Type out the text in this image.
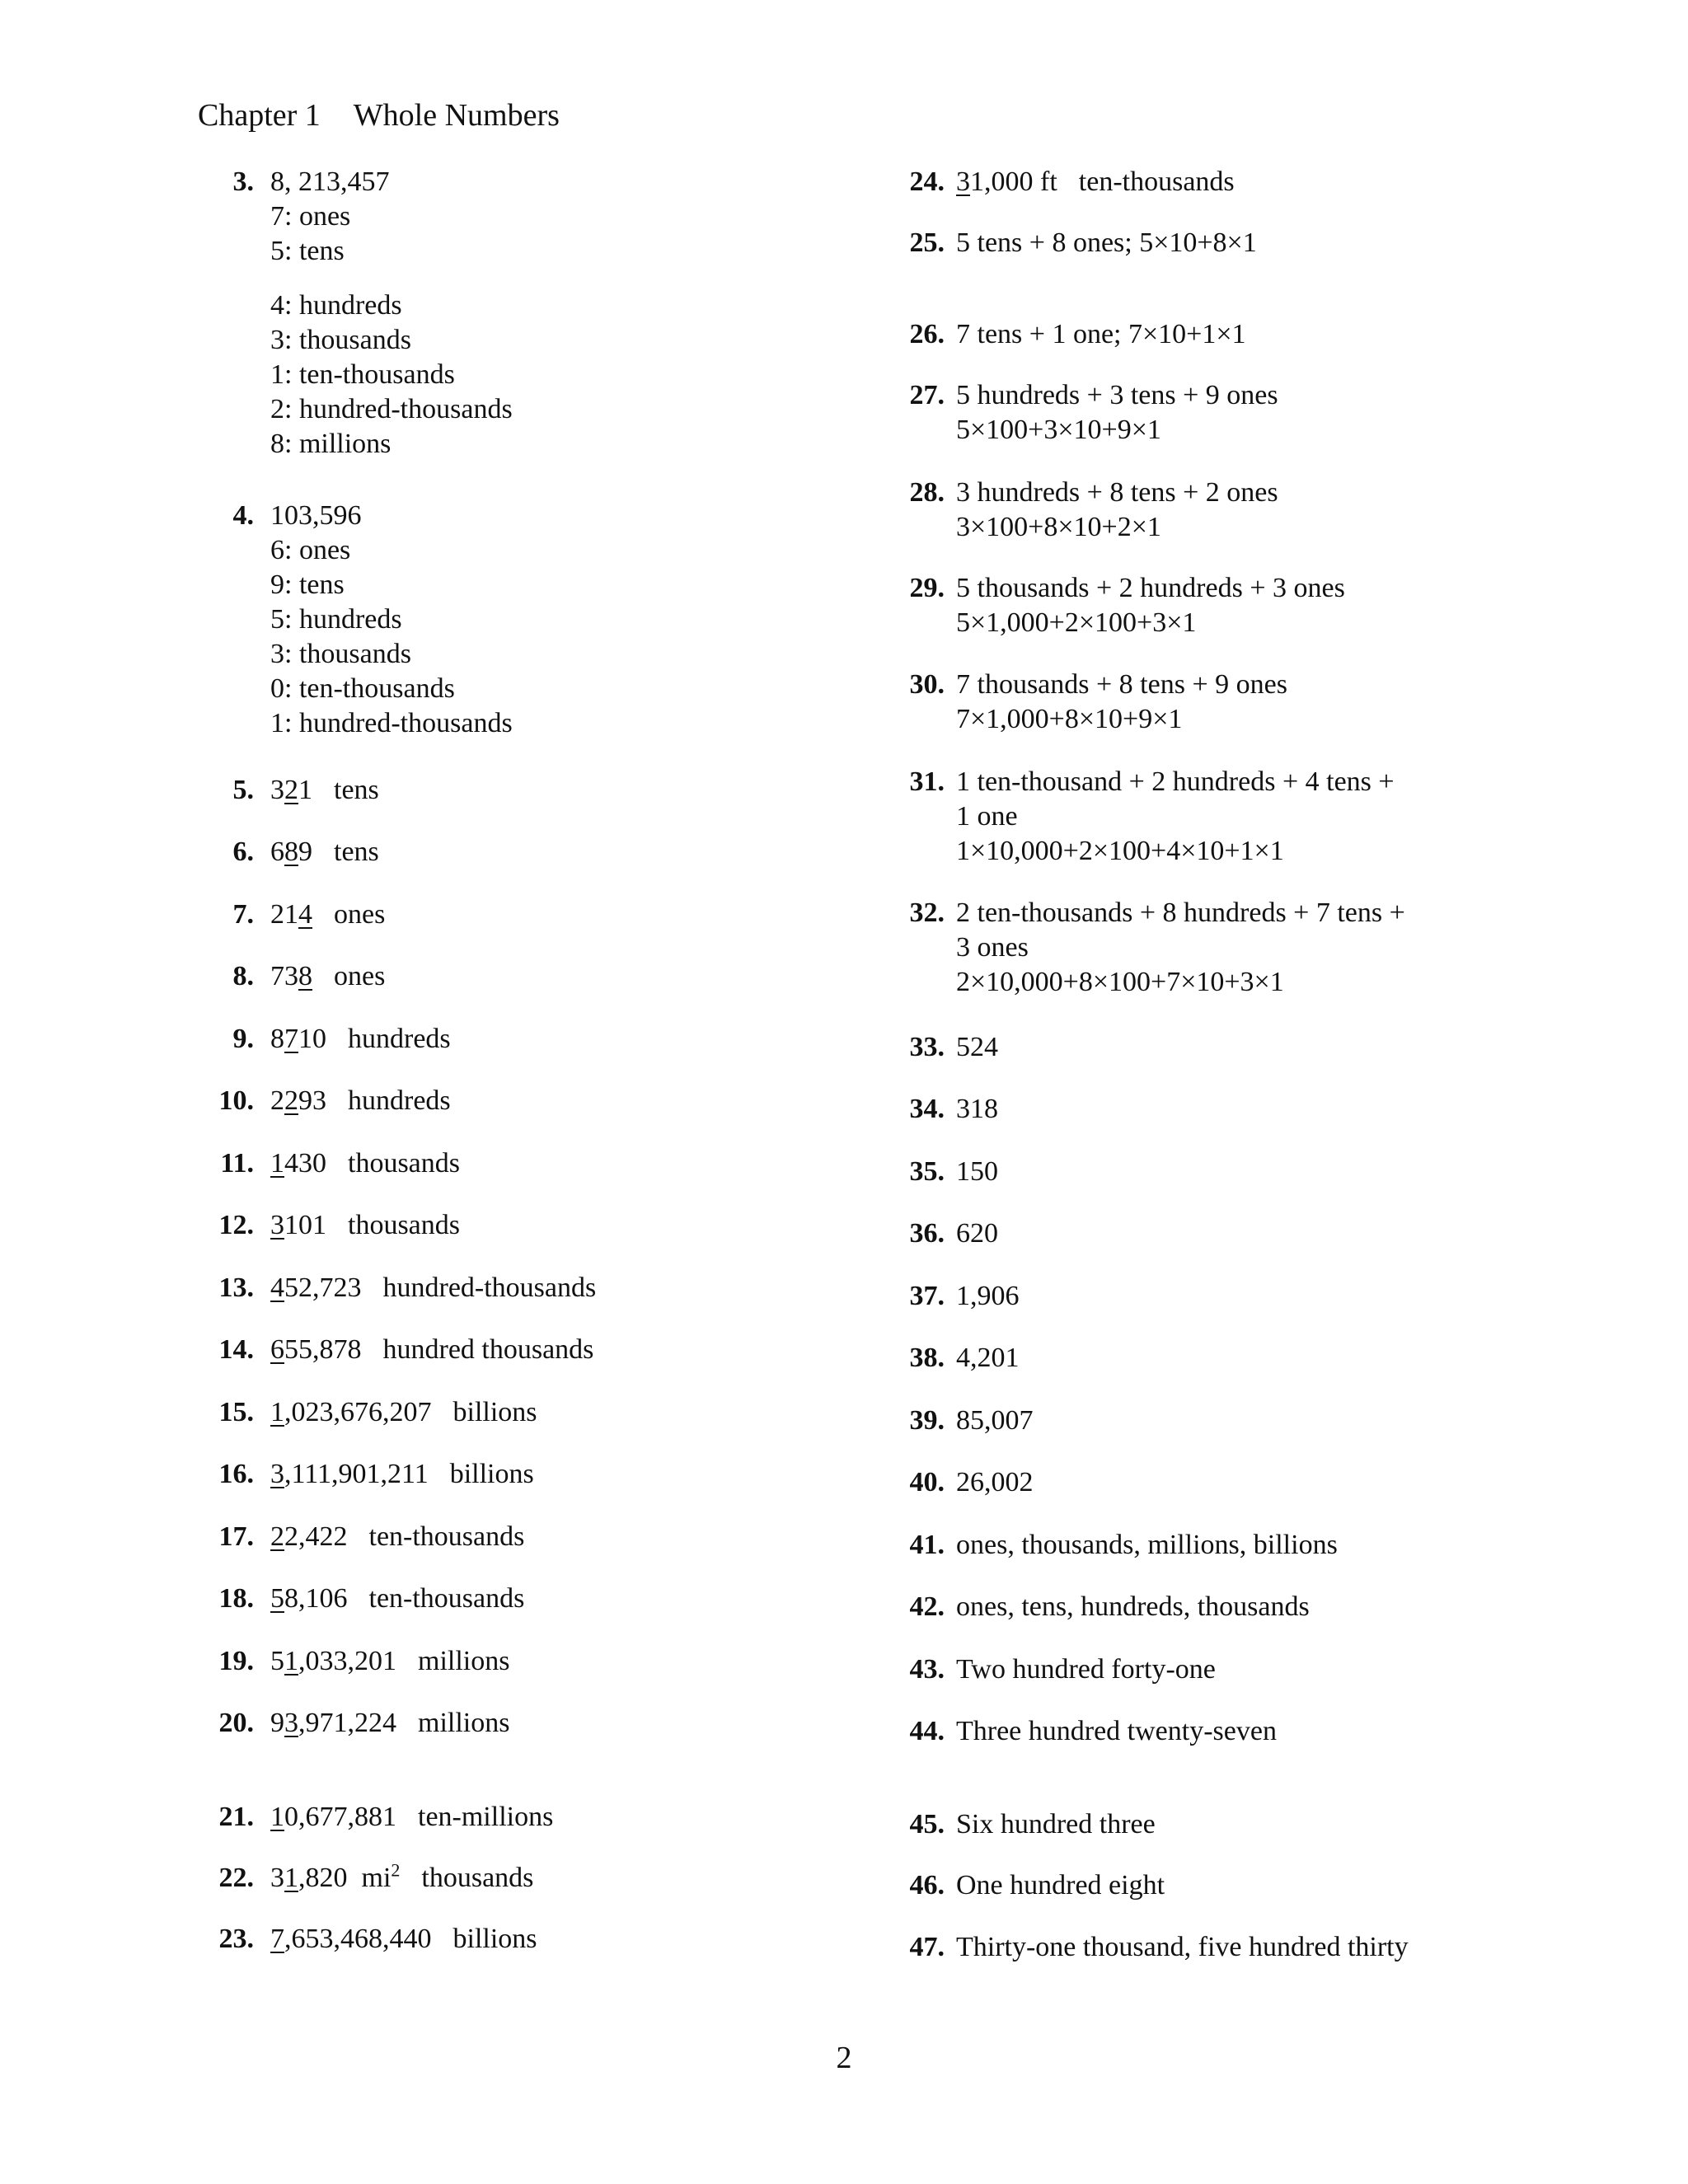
Chapter 1 Whole Numbers
3. 8, 213,457
7: ones
5: tens
4: hundreds
3: thousands
1: ten-thousands
2: hundred-thousands
8: millions
4. 103,596
6: ones
9: tens
5: hundreds
3: thousands
0: ten-thousands
1: hundred-thousands
5. 321 tens
6. 689 tens
7. 214 ones
8. 738 ones
9. 8710 hundreds
10. 2293 hundreds
11. 1430 thousands
12. 3101 thousands
13. 452,723 hundred-thousands
14. 655,878 hundred thousands
15. 1,023,676,207 billions
16. 3,111,901,211 billions
17. 22,422 ten-thousands
18. 58,106 ten-thousands
19. 51,033,201 millions
20. 93,971,224 millions
21. 10,677,881 ten-millions
22. 31,820  $mi^2$ thousands
23. 7,653,468,440 billions
24. 31,000 ft ten-thousands
25. 5 tens + 8 ones; 5×10+8×1
26. 7 tens + 1 one; 7×10+1×1
27. 5 hundreds + 3 tens + 9 ones
5×100+3×10+9×1
28. 3 hundreds + 8 tens + 2 ones
3×100+8×10+2×1
29. 5 thousands + 2 hundreds + 3 ones
5×1,000+2×100+3×1
30. 7 thousands + 8 tens + 9 ones
7×1,000+8×10+9×1
31. 1 ten-thousand + 2 hundreds + 4 tens +
1 one
1×10,000+2×100+4×10+1×1
32. 2 ten-thousands + 8 hundreds + 7 tens +
3 ones
2×10,000+8×100+7×10+3×1
33. 524
34. 318
35. 150
36. 620
37. 1,906
38. 4,201
39. 85,007
40. 26,002
41. ones, thousands, millions, billions
42. ones, tens, hundreds, thousands
43. Two hundred forty-one
44. Three hundred twenty-seven
45. Six hundred three
46. One hundred eight
47. Thirty-one thousand, five hundred thirty
2
